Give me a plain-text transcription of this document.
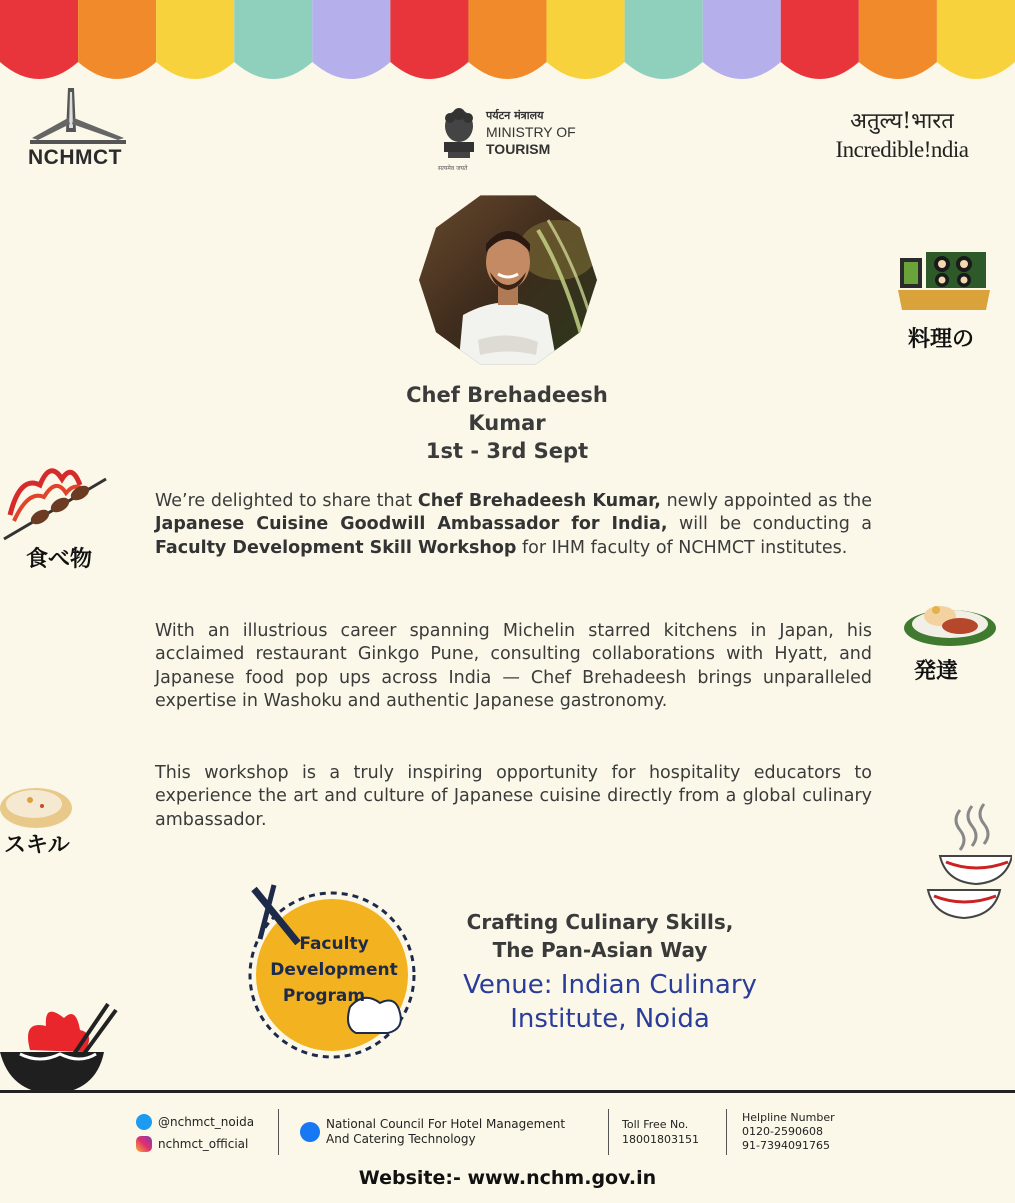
NCHMCT	सत्यमेव जयते
पर्यटन मंत्रालय
MINISTRY OF
TOURISM
अतुल्य!भारत
Incredible!ndia
Chef Brehadeesh
Kumar
1st - 3rd Sept
We’re delighted to share that Chef Brehadeesh Kumar, newly appointed as the Japanese Cuisine Goodwill Ambassador for India, will be conducting a Faculty Development Skill Workshop for IHM faculty of NCHMCT institutes.
With an illustrious career spanning Michelin starred kitchens in Japan, his acclaimed restaurant Ginkgo Pune, consulting collaborations with Hyatt, and Japanese food pop ups across India — Chef Brehadeesh brings unparalleled expertise in Washoku and authentic Japanese gastronomy.
This workshop is a truly inspiring opportunity for hospitality educators to experience the art and culture of Japanese cuisine directly from a global culinary ambassador.
料理の
食べ物
発達
スキル
Faculty
Development
Program
Crafting Culinary Skills,
The Pan-Asian Way
Venue: Indian Culinary
Institute, Noida
@nchmct_noida
nchmct_official
National Council For Hotel Management
And Catering Technology
Toll Free No.
18001803151
Helpline Number
0120-2590608
91-7394091765
Website:- www.nchm.gov.in
